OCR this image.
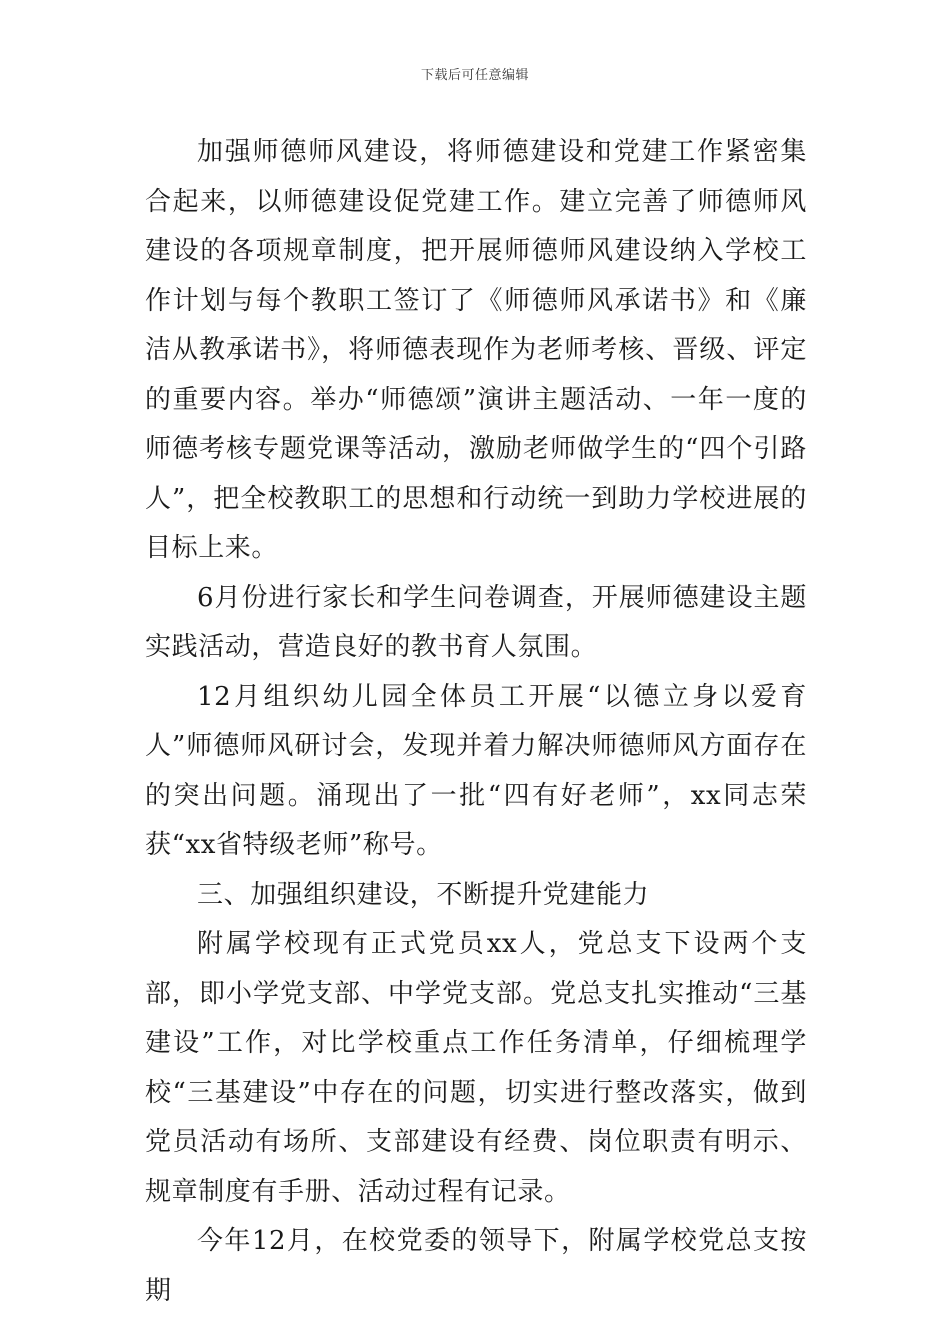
下载后可任意编辑

加强师德师风建设，将师德建设和党建工作紧密集合起来，以师德建设促党建工作。建立完善了师德师风建设的各项规章制度，把开展师德师风建设纳入学校工作计划与每个教职工签订了《师德师风承诺书》和《廉洁从教承诺书》，将师德表现作为老师考核、晋级、评定的重要内容。举办“师德颂”演讲主题活动、一年一度的师德考核专题党课等活动，激励老师做学生的“四个引路人”，把全校教职工的思想和行动统一到助力学校进展的目标上来。

6月份进行家长和学生问卷调查，开展师德建设主题实践活动，营造良好的教书育人氛围。

12月组织幼儿园全体员工开展“以德立身以爱育人”师德师风研讨会，发现并着力解决师德师风方面存在的突出问题。涌现出了一批“四有好老师”，xx同志荣获“xx省特级老师”称号。

三、加强组织建设，不断提升党建能力

附属学校现有正式党员xx人，党总支下设两个支部，即小学党支部、中学党支部。党总支扎实推动“三基建设”工作，对比学校重点工作任务清单，仔细梳理学校“三基建设”中存在的问题，切实进行整改落实，做到党员活动有场所、支部建设有经费、岗位职责有明示、规章制度有手册、活动过程有记录。

今年12月，在校党委的领导下，附属学校党总支按期
